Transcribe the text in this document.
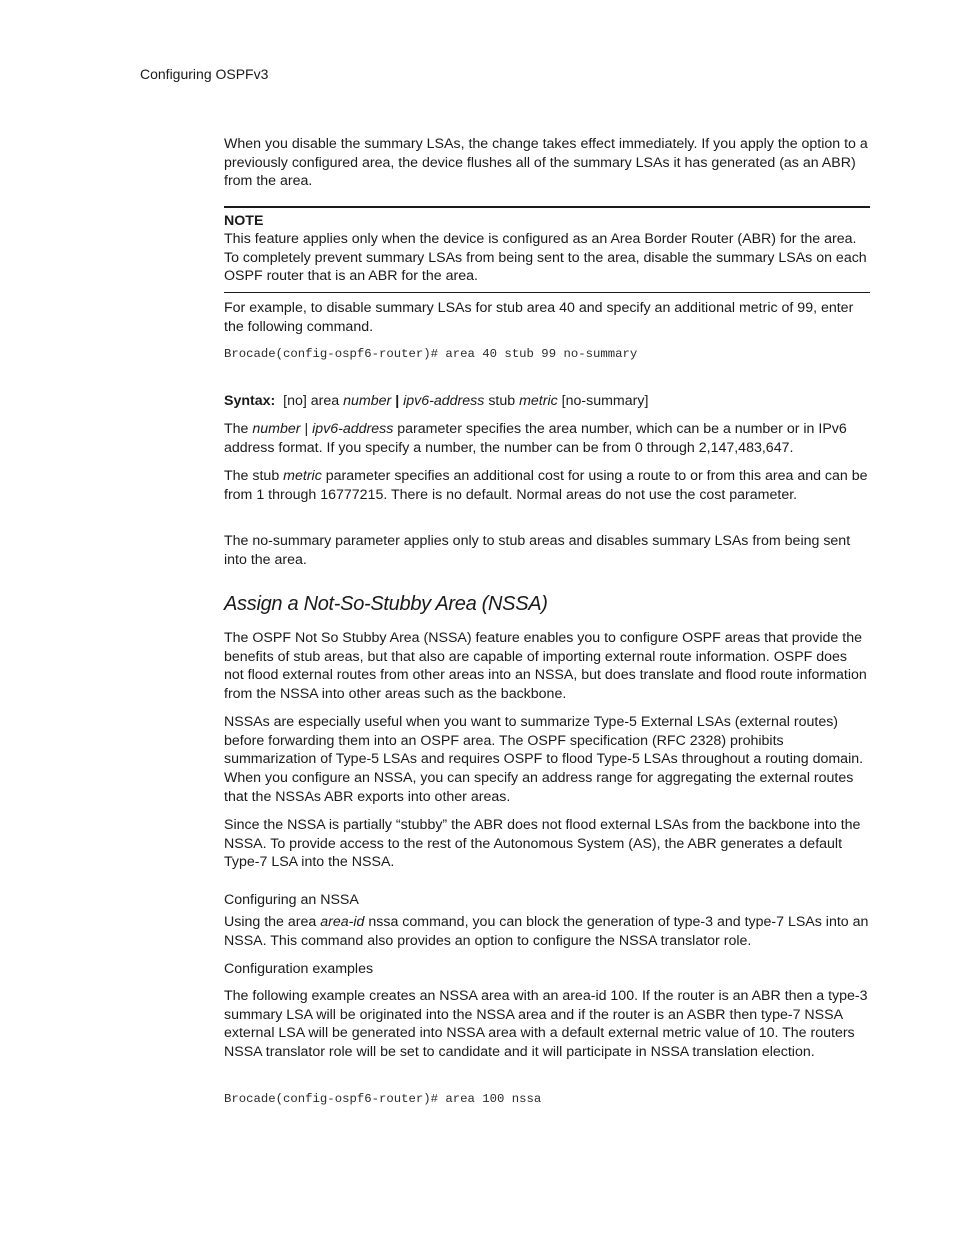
Configuring OSPFv3

When you disable the summary LSAs, the change takes effect immediately. If you apply the option to a previously configured area, the device flushes all of the summary LSAs it has generated (as an ABR) from the area.

NOTE

This feature applies only when the device is configured as an Area Border Router (ABR) for the area. To completely prevent summary LSAs from being sent to the area, disable the summary LSAs on each OSPF router that is an ABR for the area.

For example, to disable summary LSAs for stub area 40 and specify an additional metric of 99, enter the following command.

Brocade(config-ospf6-router)# area 40 stub 99 no-summary

Syntax: [no] area number | ipv6-address stub metric [no-summary]

The number | ipv6-address parameter specifies the area number, which can be a number or in IPv6 address format. If you specify a number, the number can be from 0 through 2,147,483,647.

The stub metric parameter specifies an additional cost for using a route to or from this area and can be from 1 through 16777215. There is no default. Normal areas do not use the cost parameter.

The no-summary parameter applies only to stub areas and disables summary LSAs from being sent into the area.

Assign a Not-So-Stubby Area (NSSA)

The OSPF Not So Stubby Area (NSSA) feature enables you to configure OSPF areas that provide the benefits of stub areas, but that also are capable of importing external route information. OSPF does not flood external routes from other areas into an NSSA, but does translate and flood route information from the NSSA into other areas such as the backbone.

NSSAs are especially useful when you want to summarize Type-5 External LSAs (external routes) before forwarding them into an OSPF area. The OSPF specification (RFC 2328) prohibits summarization of Type-5 LSAs and requires OSPF to flood Type-5 LSAs throughout a routing domain. When you configure an NSSA, you can specify an address range for aggregating the external routes that the NSSAs ABR exports into other areas.

Since the NSSA is partially “stubby” the ABR does not flood external LSAs from the backbone into the NSSA. To provide access to the rest of the Autonomous System (AS), the ABR generates a default Type-7 LSA into the NSSA.

Configuring an NSSA

Using the area area-id nssa command, you can block the generation of type-3 and type-7 LSAs into an NSSA. This command also provides an option to configure the NSSA translator role.

Configuration examples

The following example creates an NSSA area with an area-id 100. If the router is an ABR then a type-3 summary LSA will be originated into the NSSA area and if the router is an ASBR then type-7 NSSA external LSA will be generated into NSSA area with a default external metric value of 10. The routers NSSA translator role will be set to candidate and it will participate in NSSA translation election.

Brocade(config-ospf6-router)# area 100 nssa
